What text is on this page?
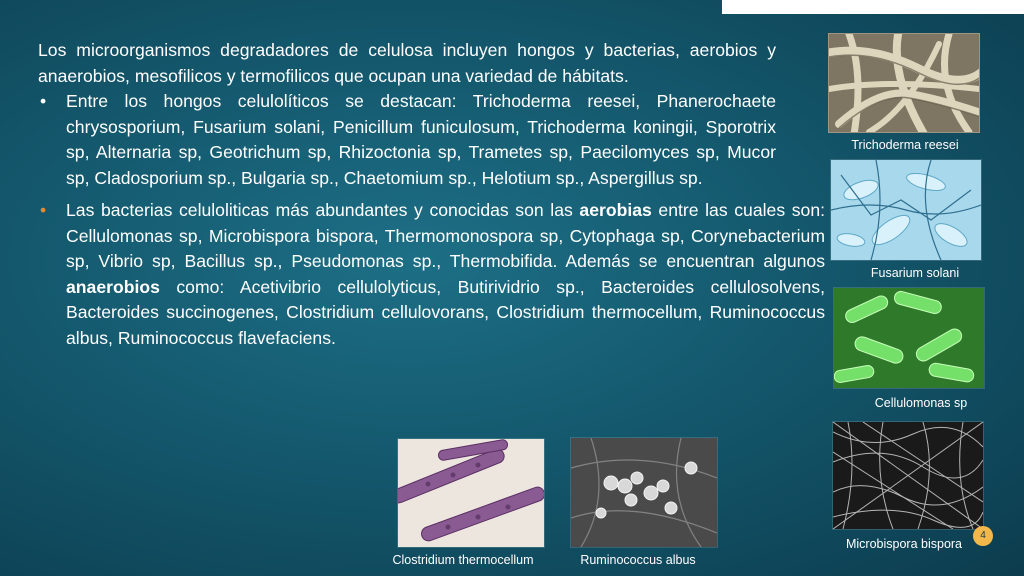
Los microorganismos degradadores de celulosa incluyen hongos y bacterias, aerobios y anaerobios, mesofilicos y termofilicos que ocupan una variedad de hábitats.

• Entre los hongos celulolíticos se destacan: Trichoderma reesei, Phanerochaete chrysosporium, Fusarium solani, Penicillum funiculosum, Trichoderma koningii, Sporotrix sp, Alternaria sp, Geotrichum sp, Rhizoctonia sp, Trametes sp, Paecilomyces sp, Mucor sp, Cladosporium sp., Bulgaria sp., Chaetomium sp., Helotium sp., Aspergillus sp.
• Las bacterias celuloliticas más abundantes y conocidas son las aerobias entre las cuales son: Cellulomonas sp, Microbispora bispora, Thermomonospora sp, Cytophaga sp, Corynebacterium sp, Vibrio sp, Bacillus sp., Pseudomonas sp., Thermobifida. Además se encuentran algunos anaerobios como: Acetivibrio cellulolyticus, Butirividrio sp., Bacteroides cellulosolvens, Bacteroides succinogenes, Clostridium cellulovorans, Clostridium thermocellum, Ruminococcus albus, Ruminococcus flavefaciens.
Trichoderma reesei
Fusarium solani
Cellulomonas sp
Microbispora bispora
4
Clostridium thermocellum	Ruminococcus albus
